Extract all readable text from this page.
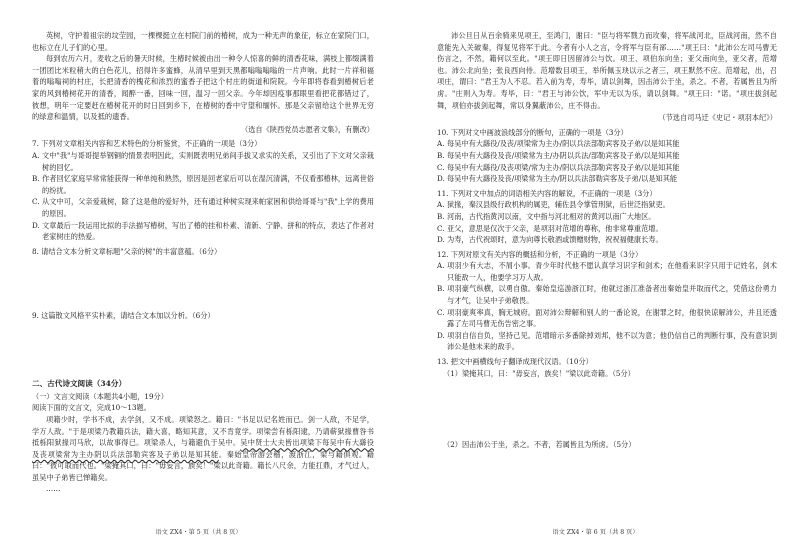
英树，守护着祖宗的坟茔园，一棵棵挺立在村院门前的椿树，成为一种无声的象征，标立在家院门口，也标立在儿子们的心里。

每到农历六月，麦收之后的暑天时候，生椿时候被由出一种令人惊喜的鲜的清香花味，满枝上都缀满着一团团比米粒稍大的白色花儿，招得许多蜜蜂，从清早里到天黑都嗡嗡嗡嗡的一片声响。此时一片祥和福着的嗡嗡祠的村庄，长把清香的槐花和浓烈的蜜香子把这个村庄的街道和院院。今年即将春看到椿树后老家的风到椿树花开的清香，闻醉一番，回味一回，温习一回父亲。今年却因疫事那眼里看把花都错过了，彼想，明年一定要赶在椿树花开的时日回到乡下，在椿树的香中守望和缅怀。那是父亲留给这个世界无穷的绿意和温情，以及抵的遗香。

（选自《陕西党员志愿者文集》，有删改）

7. 下列对文章相关内容和艺术特色的分析鉴赏，不正确的一项是（3分）

A. 文中"我"与哥哥提举钢铜的情景表明因此，实则既表明兄弟间手拔又求实的关系，又引出了下文对父亲栽树的回忆。

B. 作者回忆家庭早常常能获得一种单纯和熟然，原因是回老家后可以在湿沉清满，不仅看那椿林，远离世俗的纷扰。

C. 从文中可，父亲爱栽树，除了这是他的爱好外，还有通过种树实现来帕家困和供给哥哥与"我"上学的费用的原因。

D. 文章最后一段运用比拟的手法描写椿树，写出了椿的挂和朴素、清新、宁静、拼和的特点，表达了作者对老家树庄的热爱。

8. 请结合文本分析文章标题"父亲的树"的丰富意蕴。（6分）

9. 这篇散文风格平实朴素，请结合文本加以分析。（6分）

二、古代诗文阅读（34分）

（一）文言文阅读（本题共4小题，19分）

阅读下面的文言文，完成10～13题。

项籍少时，学书不成，去学剑，又不成。项梁怒之。籍曰："书足以记名姓而已。剑一人敌，不足学，学万人敌。"于是项梁乃教籍兵法，籍大喜，略知其意，又不肯竟学。项梁尝有栎阳逮，乃请蕲狱掾曹咎书抵栎阳狱掾司马欣，以故事得已。项梁杀人，与籍避仇于吴中。吴中贤士大夫皆出项梁下每吴中有大繇役及丧项梁常为主办阴以兵法部勒宾客及子弟以是知其能。秦始皇帝游会稽，渡浙江，梁与籍俱观。籍曰："彼可取而代也。"梁掩其口，曰："毋妄言，族矣！"梁以此奇籍。籍长八尺余，力能扛鼎，才气过人，虽吴中子弟皆已惮籍矣。

……

语文 ZX4・第 5 页（共 8 页）

沛公旦日从百余骑来见项王，至鸿门，谢曰："臣与将军戮力而攻秦，将军战河北，臣战河南，然不自意能先入关破秦，得复见将军于此。今者有小人之言，令将军与臣有郤……"项王曰："此沛公左司马曹无伤言之，不然，籍何以至此。"项王即日因留沛公与饮。项王、项伯东向坐；亚父南向坐，亚父者，范增也。沛公北向坐；张良西向侍。范增数目项王，举所佩玉玦以示之者三，项王默然不应。范增起，出，召项庄，谓曰："君王为人不忍。若入前为寿，寿毕，请以剑舞，因击沛公于坐，杀之。不者，若属皆且为所虏。"庄则入为寿。寿毕，曰："君王与沛公饮，军中无以为乐，请以剑舞。"项王曰："诺。"项庄拔剑起舞，项伯亦拔剑起舞，常以身翼蔽沛公，庄不得击。

（节选自司马迁《史记・项羽本纪》）

10. 下列对文中画波浪线部分的断句，正确的一项是（3分）

A. 每吴中有大繇役/及丧/项梁常为主办/阴以兵法部勒宾客及子弟/以是知其能

B. 每吴中有大繇役及丧/项梁常为主/办阴以兵法/部勒宾客及子弟/以是知其能

C. 每吴中有大繇役/及丧项梁/常为主办/阴以兵法部勒宾客及子弟/以是知其能

D. 每吴中有大繇役及丧/项梁常为主办/阴以兵法部勒宾客及子弟/以是知其能

11. 下列对文中加点的词语相关内容的解说，不正确的一项是（3分）

A. 狱掾，秦汉县级行政机构的属吏，辅佐县令掌管刑狱，后世泛指狱吏。

B. 河南，古代指黄河以南，文中指与河北相对的黄河以南广大地区。

C. 亚父，意思是仅次于父亲，是项羽对范增的尊称，他非常尊重范增。

D. 为寿，古代祝颂时，意为向尊长敬酒或馈赠财物，祝祝福健康长寿。

12. 下列对原文有关内容的概括和分析，不正确的一项是（3分）

A. 项羽少有大志，不屑小事。青少年时代他不愿认真学习识字和剑术；在他看来识字只用于记姓名，剑术只能敌一人，他要学习万人敌。

B. 项羽豪气纵横，以勇自傲。秦始皇巡游浙江时，他就过浙江准备者出秦始皇并取而代之，凭借这份勇力与才气，让吴中子弟敬畏。

C. 项羽豪爽率真，胸无城府。面对沛公辩解和别人的一番论说，在谢罪之时，他很快谅解沛公，并且还透露了左司马曹无伤告密之事。

D. 项羽自信自负，坚持己见。范增暗示多番除掉刘邦，他不以为意；他仍信自己的判断行事，没有意识到沛公是他未来的敌手。

13. 把文中画横线句子翻译成现代汉语。（10分）

（1）梁掩其口，曰："毋妄言，族矣！"梁以此奇籍。（5分）

（2）因击沛公于坐，杀之。不者，若属皆且为所虏。（5分）

语文 ZX4・第 6 页（共 8 页）
